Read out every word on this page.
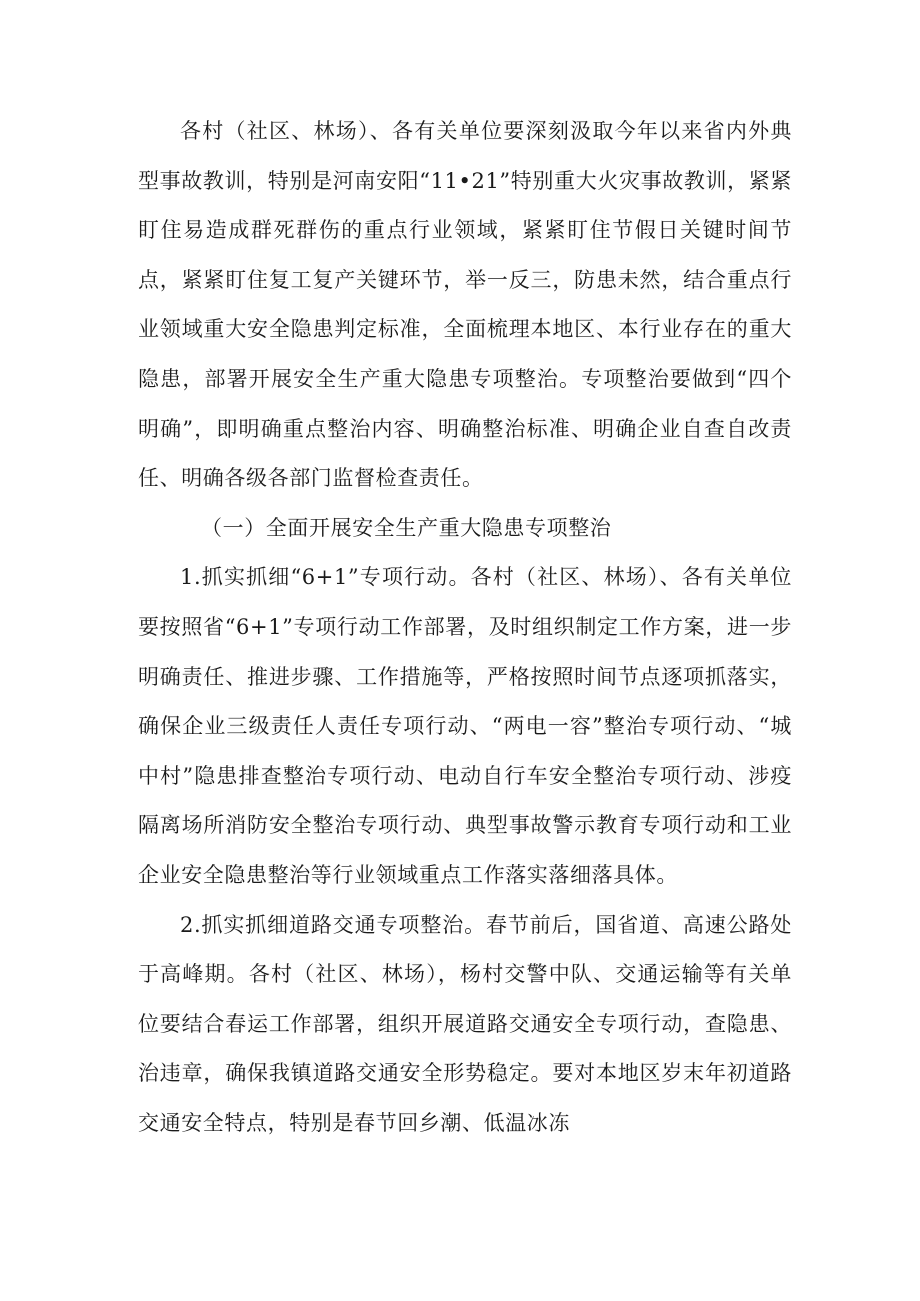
各村（社区、林场）、各有关单位要深刻汲取今年以来省内外典型事故教训，特别是河南安阳“11•21”特别重大火灾事故教训，紧紧盯住易造成群死群伤的重点行业领域，紧紧盯住节假日关键时间节点，紧紧盯住复工复产关键环节，举一反三，防患未然，结合重点行业领域重大安全隐患判定标准，全面梳理本地区、本行业存在的重大隐患，部署开展安全生产重大隐患专项整治。专项整治要做到“四个明确”，即明确重点整治内容、明确整治标准、明确企业自查自改责任、明确各级各部门监督检查责任。

（一）全面开展安全生产重大隐患专项整治

1.抓实抓细“6+1”专项行动。各村（社区、林场）、各有关单位要按照省“6+1”专项行动工作部署，及时组织制定工作方案，进一步明确责任、推进步骤、工作措施等，严格按照时间节点逐项抓落实，确保企业三级责任人责任专项行动、“两电一容”整治专项行动、“城中村”隐患排查整治专项行动、电动自行车安全整治专项行动、涉疫隔离场所消防安全整治专项行动、典型事故警示教育专项行动和工业企业安全隐患整治等行业领域重点工作落实落细落具体。

2.抓实抓细道路交通专项整治。春节前后，国省道、高速公路处于高峰期。各村（社区、林场），杨村交警中队、交通运输等有关单位要结合春运工作部署，组织开展道路交通安全专项行动，查隐患、治违章，确保我镇道路交通安全形势稳定。要对本地区岁末年初道路交通安全特点，特别是春节回乡潮、低温冰冻
